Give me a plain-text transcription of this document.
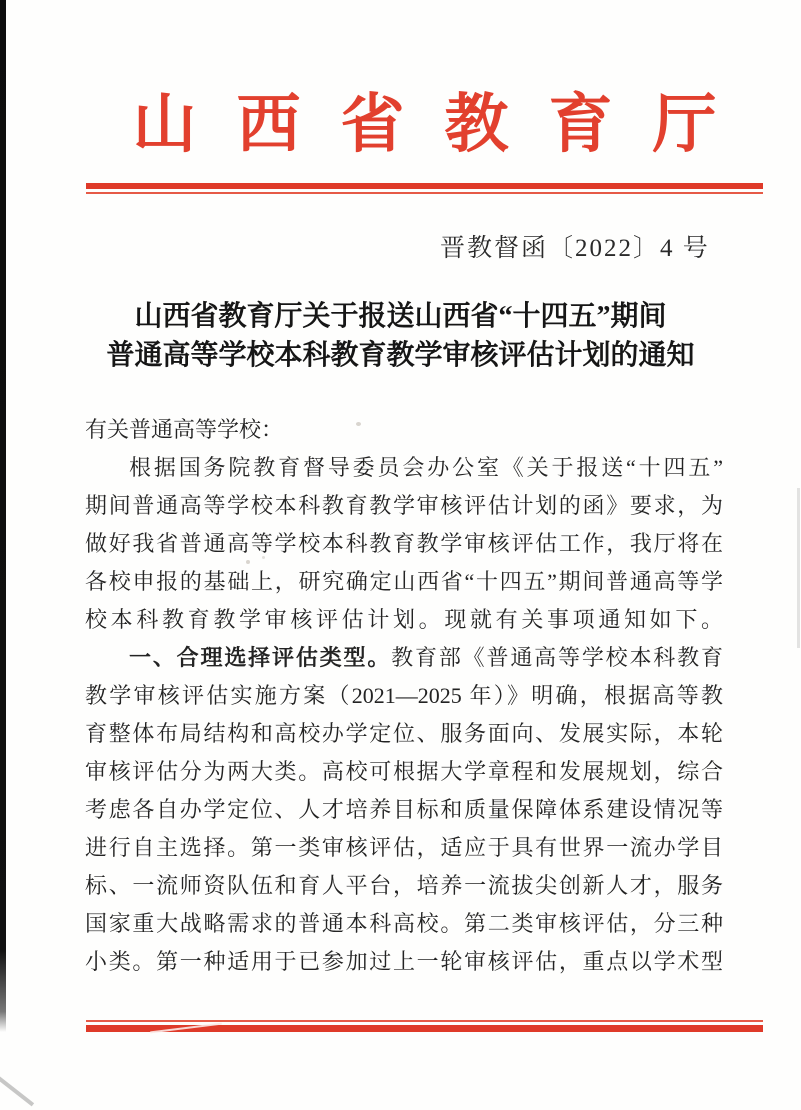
山西省教育厅
晋教督函〔2022〕4 号
山西省教育厅关于报送山西省“十四五”期间
普通高等学校本科教育教学审核评估计划的通知
有关普通高等学校：
根据国务院教育督导委员会办公室《关于报送“十四五”
期间普通高等学校本科教育教学审核评估计划的函》要求，为
做好我省普通高等学校本科教育教学审核评估工作，我厅将在
各校申报的基础上，研究确定山西省“十四五”期间普通高等学
校本科教育教学审核评估计划。现就有关事项通知如下。
一、合理选择评估类型。教育部《普通高等学校本科教育
教学审核评估实施方案（2021—2025 年）》明确，根据高等教
育整体布局结构和高校办学定位、服务面向、发展实际，本轮
审核评估分为两大类。高校可根据大学章程和发展规划，综合
考虑各自办学定位、人才培养目标和质量保障体系建设情况等
进行自主选择。第一类审核评估，适应于具有世界一流办学目
标、一流师资队伍和育人平台，培养一流拔尖创新人才，服务
国家重大战略需求的普通本科高校。第二类审核评估，分三种
小类。第一种适用于已参加过上一轮审核评估，重点以学术型
